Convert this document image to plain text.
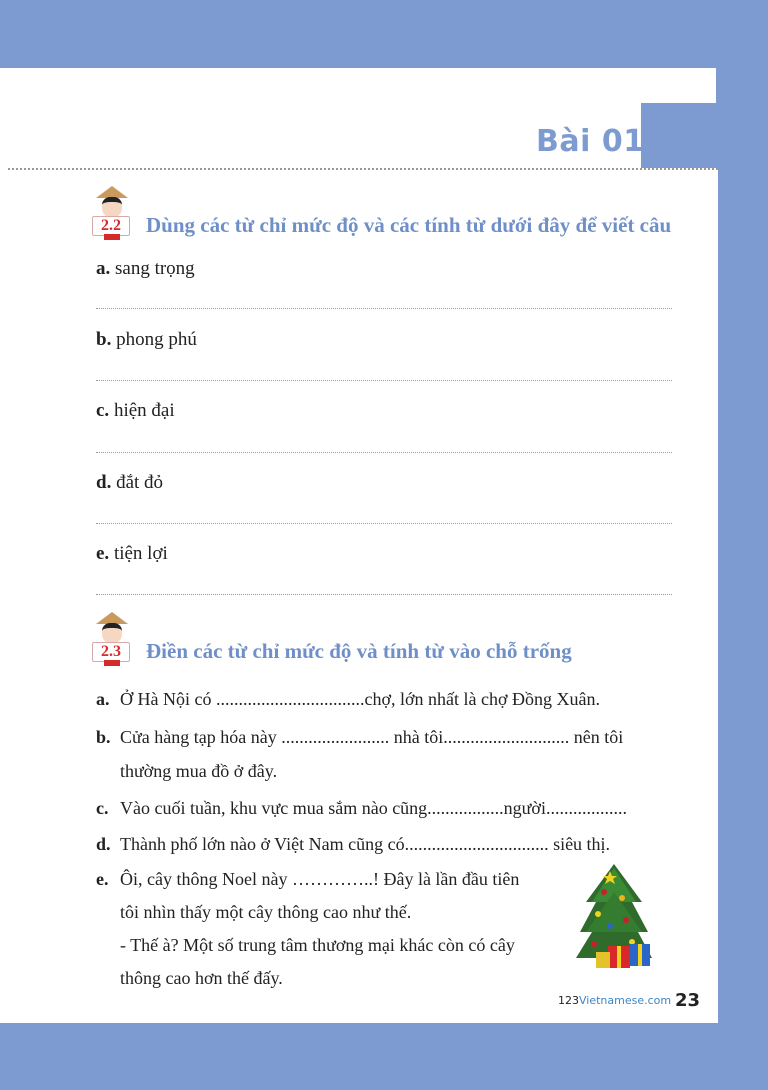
Bài 01
2.2	Dùng các từ chỉ mức độ và các tính từ dưới đây để viết câu
a. sang trọng
b. phong phú
c. hiện đại
d. đắt đỏ
e. tiện lợi
2.3	Điền các từ chỉ mức độ và tính từ vào chỗ trống
a. Ở Hà Nội có .................................chợ, lớn nhất là chợ Đồng Xuân.
b. Cửa hàng tạp hóa này ........................ nhà tôi............................ nên tôi
thường mua đồ ở đây.
c. Vào cuối tuần, khu vực mua sắm nào cũng.................người..................
d. Thành phố lớn nào ở Việt Nam cũng có................................ siêu thị.
e. Ôi, cây thông Noel này …………..! Đây là lần đầu tiên
tôi nhìn thấy một cây thông cao như thế.
- Thế à? Một số trung tâm thương mại khác còn có cây
thông cao hơn thế đấy.
123Vietnamese.com 23
